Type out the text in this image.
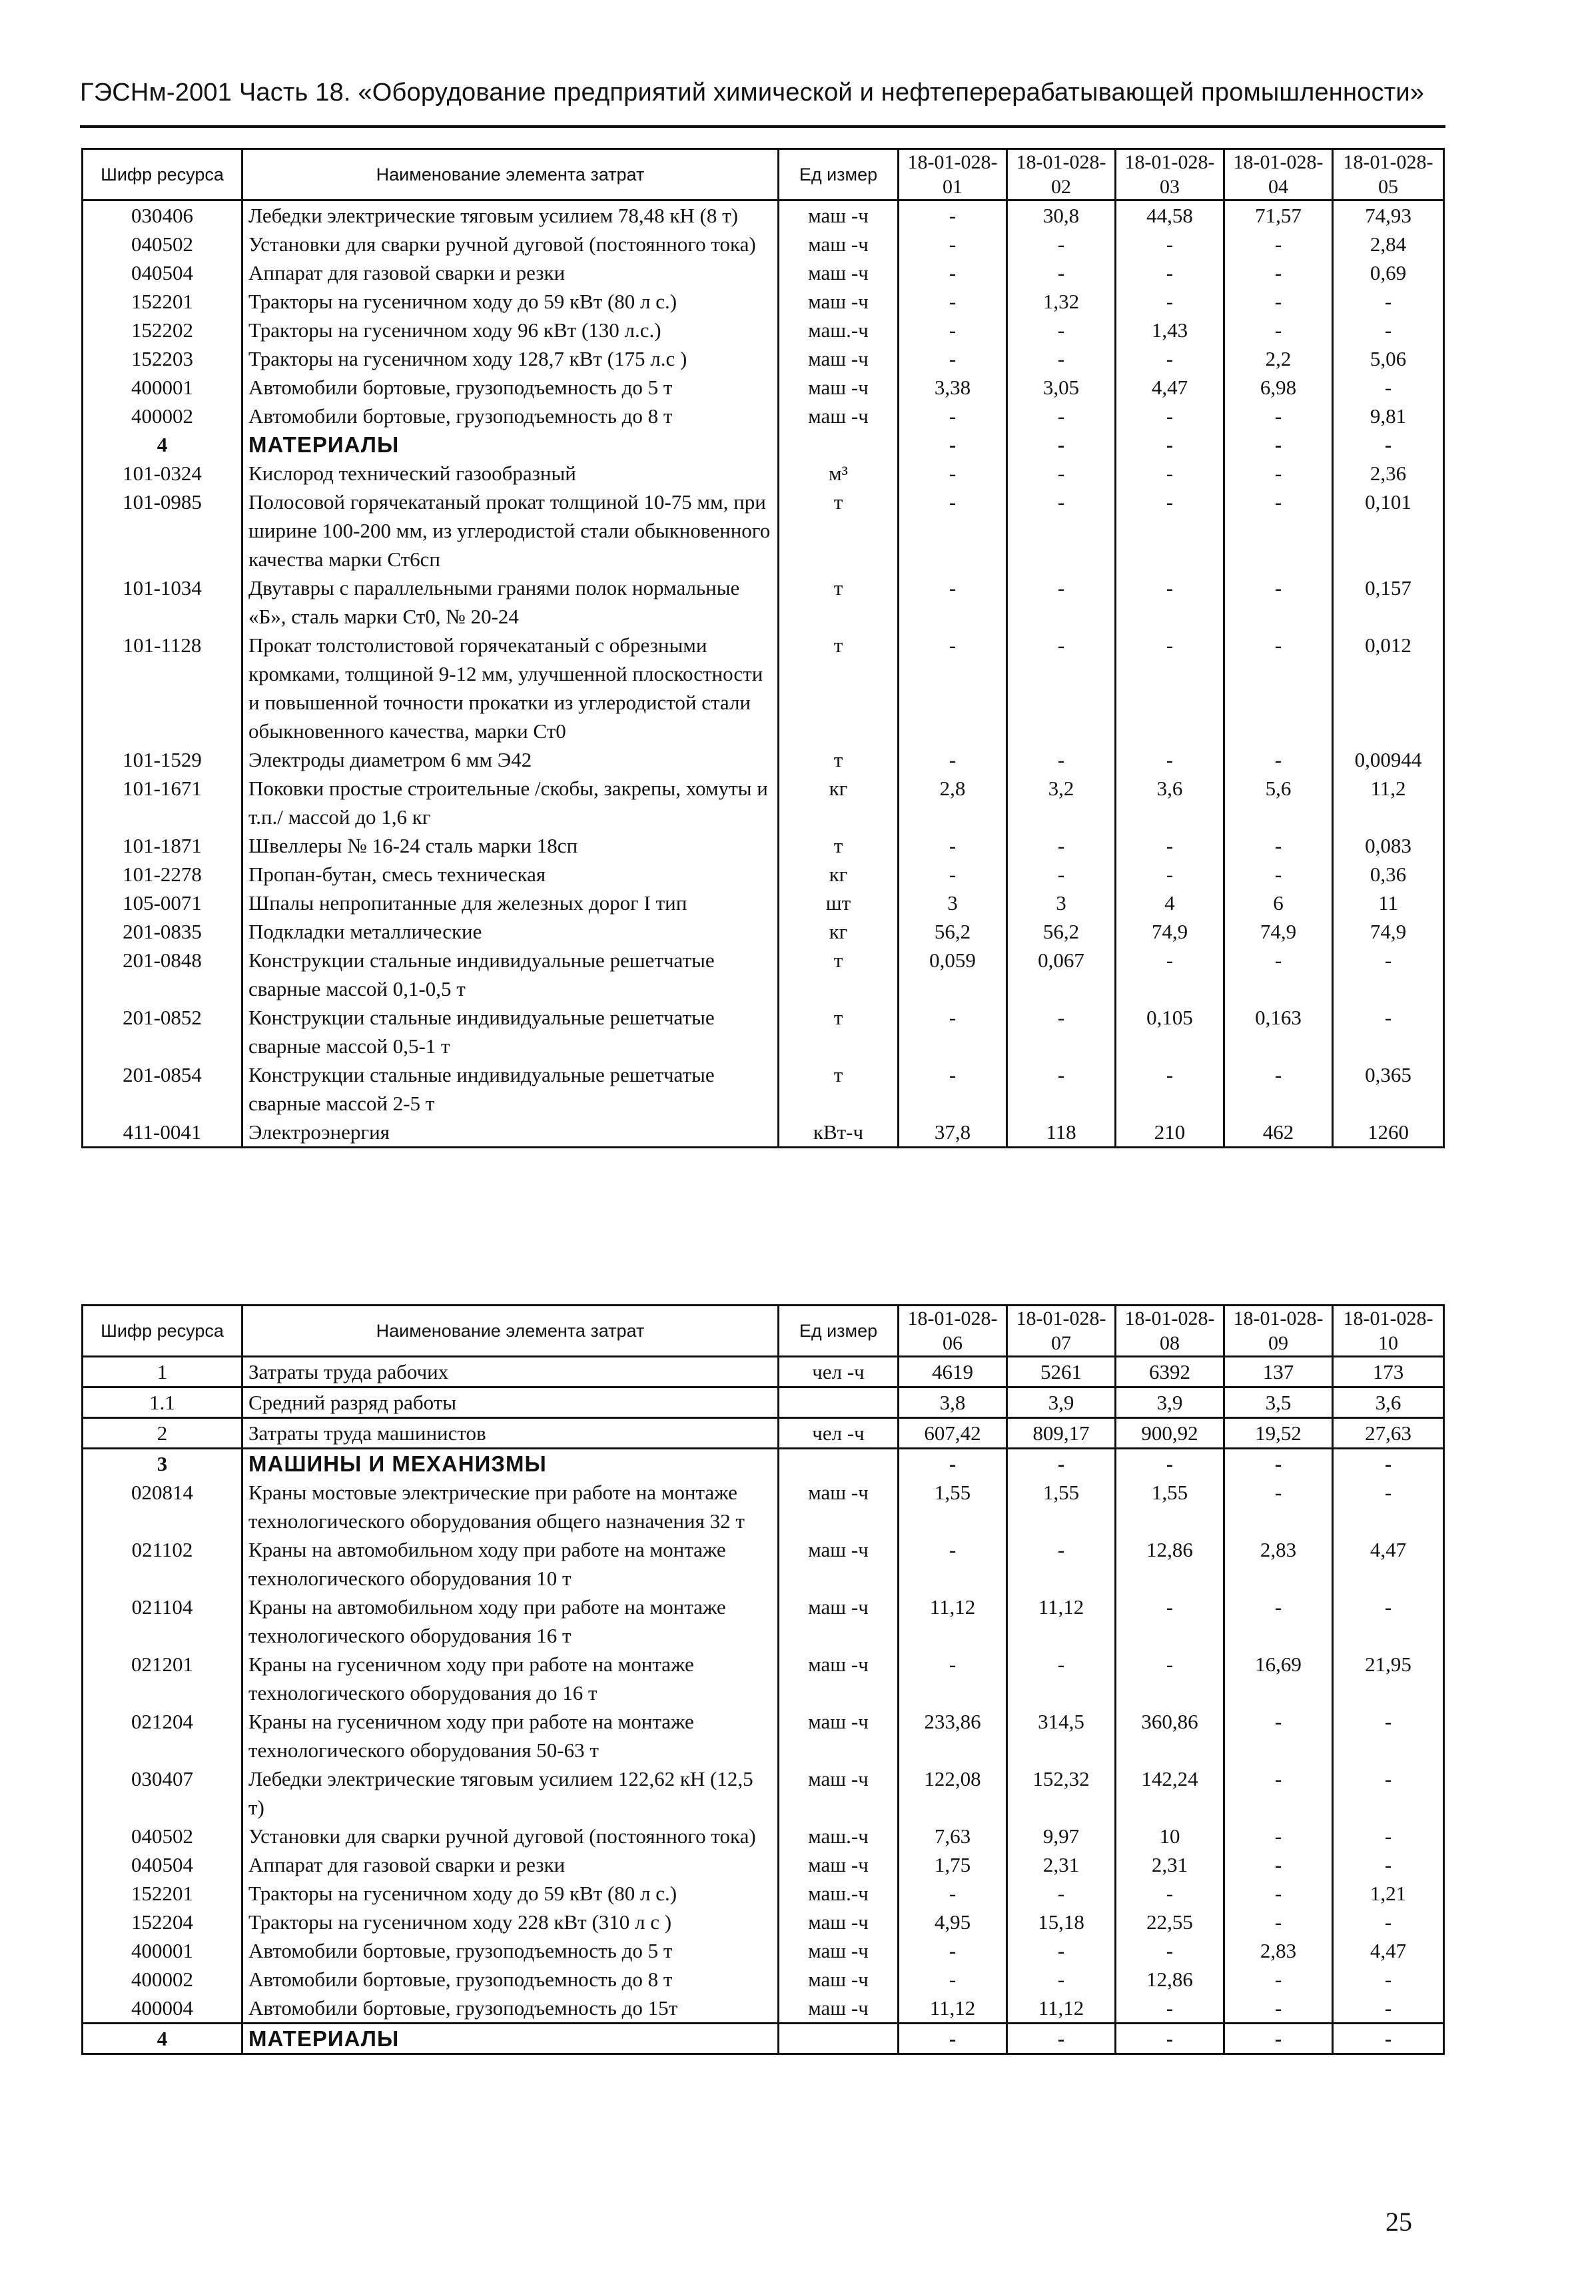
ГЭСНм-2001 Часть 18. «Оборудование предприятий химической и нефтеперерабатывающей промышленности»
Шифр ресурса	Наименование элемента затрат	Ед измер	18-01-028-01	18-01-028-02	18-01-028-03	18-01-028-04	18-01-028-05
030406	Лебедки электрические тяговым усилием 78,48 кН (8 т)	маш -ч	-	30,8	44,58	71,57	74,93
040502	Установки для сварки ручной дуговой (постоянного тока)	маш -ч	-	-	-	-	2,84
040504	Аппарат для газовой сварки и резки	маш -ч	-	-	-	-	0,69
152201	Тракторы на гусеничном ходу до 59 кВт (80 л с.)	маш -ч	-	1,32	-	-	-
152202	Тракторы на гусеничном ходу 96 кВт (130 л.с.)	маш.-ч	-	-	1,43	-	-
152203	Тракторы на гусеничном ходу 128,7 кВт (175 л.с )	маш -ч	-	-	-	2,2	5,06
400001	Автомобили бортовые, грузоподъемность до 5 т	маш -ч	3,38	3,05	4,47	6,98	-
400002	Автомобили бортовые, грузоподъемность до 8 т	маш -ч	-	-	-	-	9,81
4	МАТЕРИАЛЫ		-	-	-	-	-
101-0324	Кислород технический газообразный	м³	-	-	-	-	2,36
101-0985	Полосовой горячекатаный прокат толщиной 10-75 мм, при ширине 100-200 мм, из углеродистой стали обыкновенного качества марки Ст6сп	т	-	-	-	-	0,101
101-1034	Двутавры с параллельными гранями полок нормальные «Б», сталь марки Ст0, № 20-24	т	-	-	-	-	0,157
101-1128	Прокат толстолистовой горячекатаный с обрезными кромками, толщиной 9-12 мм, улучшенной плоскостности и повышенной точности прокатки из углеродистой стали обыкновенного качества, марки Ст0	т	-	-	-	-	0,012
101-1529	Электроды диаметром 6 мм Э42	т	-	-	-	-	0,00944
101-1671	Поковки простые строительные /скобы, закрепы, хомуты и т.п./ массой до 1,6 кг	кг	2,8	3,2	3,6	5,6	11,2
101-1871	Швеллеры № 16-24 сталь марки 18сп	т	-	-	-	-	0,083
101-2278	Пропан-бутан, смесь техническая	кг	-	-	-	-	0,36
105-0071	Шпалы непропитанные для железных дорог I тип	шт	3	3	4	6	11
201-0835	Подкладки металлические	кг	56,2	56,2	74,9	74,9	74,9
201-0848	Конструкции стальные индивидуальные решетчатые сварные массой 0,1-0,5 т	т	0,059	0,067	-	-	-
201-0852	Конструкции стальные индивидуальные решетчатые сварные массой 0,5-1 т	т	-	-	0,105	0,163	-
201-0854	Конструкции стальные индивидуальные решетчатые сварные массой 2-5 т	т	-	-	-	-	0,365
411-0041	Электроэнергия	кВт-ч	37,8	118	210	462	1260
Шифр ресурса	Наименование элемента затрат	Ед измер	18-01-028-06	18-01-028-07	18-01-028-08	18-01-028-09	18-01-028-10
1	Затраты труда рабочих	чел -ч	4619	5261	6392	137	173
1.1	Средний разряд работы		3,8	3,9	3,9	3,5	3,6
2	Затраты труда машинистов	чел -ч	607,42	809,17	900,92	19,52	27,63
3	МАШИНЫ И МЕХАНИЗМЫ		-	-	-	-	-
020814	Краны мостовые электрические при работе на монтаже технологического оборудования общего назначения 32 т	маш -ч	1,55	1,55	1,55	-	-
021102	Краны на автомобильном ходу при работе на монтаже технологического оборудования 10 т	маш -ч	-	-	12,86	2,83	4,47
021104	Краны на автомобильном ходу при работе на монтаже технологического оборудования 16 т	маш -ч	11,12	11,12	-	-	-
021201	Краны на гусеничном ходу при работе на монтаже технологического оборудования до 16 т	маш -ч	-	-	-	16,69	21,95
021204	Краны на гусеничном ходу при работе на монтаже технологического оборудования 50-63 т	маш -ч	233,86	314,5	360,86	-	-
030407	Лебедки электрические тяговым усилием 122,62 кН (12,5 т)	маш -ч	122,08	152,32	142,24	-	-
040502	Установки для сварки ручной дуговой (постоянного тока)	маш.-ч	7,63	9,97	10	-	-
040504	Аппарат для газовой сварки и резки	маш -ч	1,75	2,31	2,31	-	-
152201	Тракторы на гусеничном ходу до 59 кВт (80 л с.)	маш.-ч	-	-	-	-	1,21
152204	Тракторы на гусеничном ходу 228 кВт (310 л с )	маш -ч	4,95	15,18	22,55	-	-
400001	Автомобили бортовые, грузоподъемность до 5 т	маш -ч	-	-	-	2,83	4,47
400002	Автомобили бортовые, грузоподъемность до 8 т	маш -ч	-	-	12,86	-	-
400004	Автомобили бортовые, грузоподъемность до 15т	маш -ч	11,12	11,12	-	-	-
4	МАТЕРИАЛЫ		-	-	-	-	-
25
